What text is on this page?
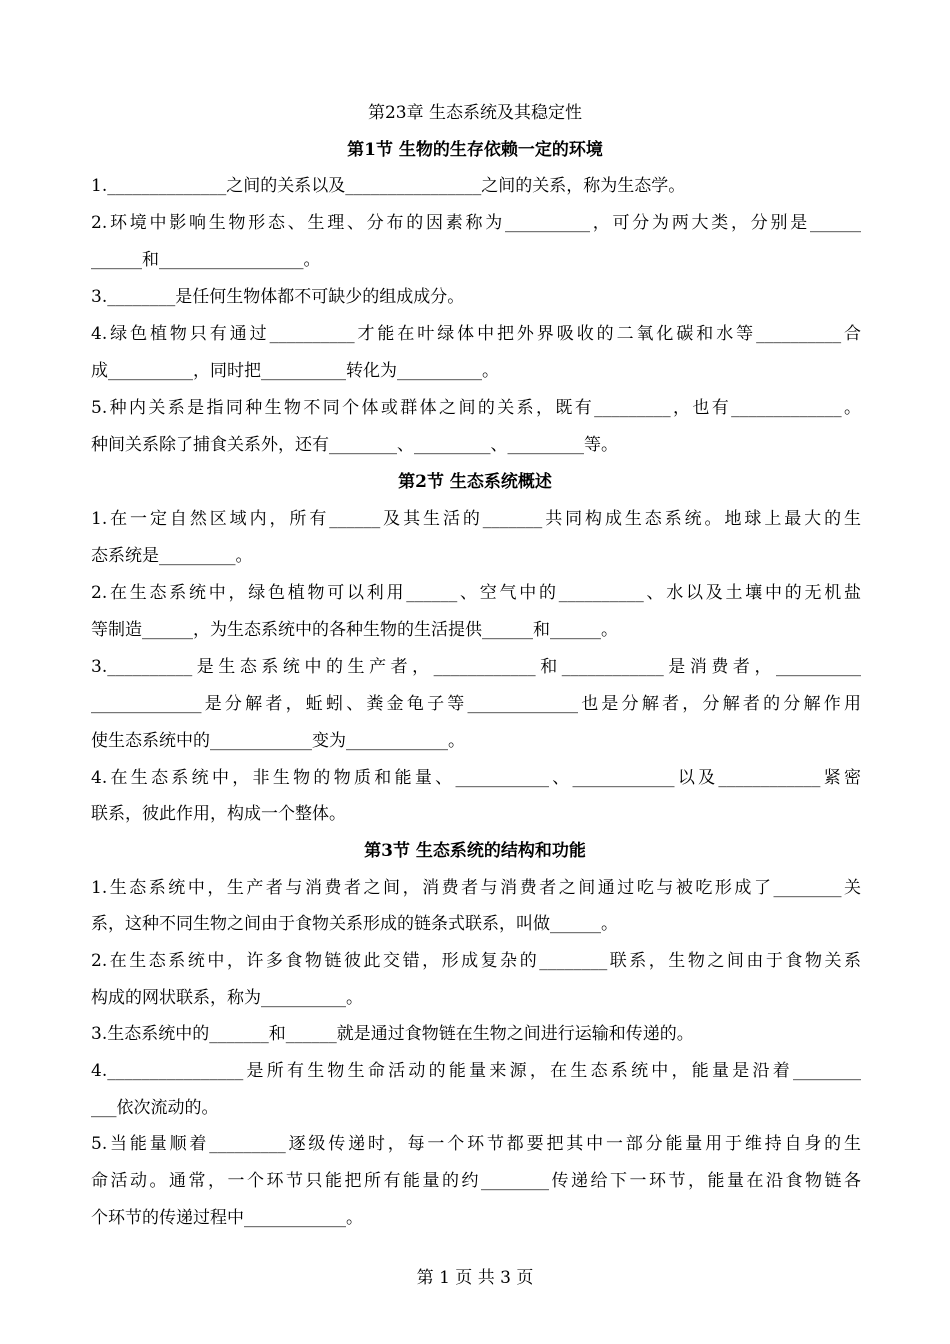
第23章 生态系统及其稳定性
第1节 生物的生存依赖一定的环境
1.______________之间的关系以及________________之间的关系，称为生态学。
2.环境中影响生物形态、生理、分布的因素称为__________，可分为两大类，分别是______
______和_________________。
3.________是任何生物体都不可缺少的组成成分。
4.绿色植物只有通过__________才能在叶绿体中把外界吸收的二氧化碳和水等__________合
成__________，同时把__________转化为__________。
5.种内关系是指同种生物不同个体或群体之间的关系，既有_________，也有_____________。
种间关系除了捕食关系外，还有________、_________、_________等。
第2节 生态系统概述
1.在一定自然区域内，所有______及其生活的_______共同构成生态系统。地球上最大的生
态系统是_________。
2.在生态系统中，绿色植物可以利用______、空气中的__________、水以及土壤中的无机盐
等制造______，为生态系统中的各种生物的生活提供______和______。
3.__________是生态系统中的生产者，____________和____________是消费者，__________
_____________是分解者，蚯蚓、粪金龟子等_____________也是分解者，分解者的分解作用
使生态系统中的____________变为____________。
4.在生态系统中，非生物的物质和能量、___________、____________以及____________紧密
联系，彼此作用，构成一个整体。
第3节 生态系统的结构和功能
1.生态系统中，生产者与消费者之间，消费者与消费者之间通过吃与被吃形成了________关
系，这种不同生物之间由于食物关系形成的链条式联系，叫做______。
2.在生态系统中，许多食物链彼此交错，形成复杂的________联系，生物之间由于食物关系
构成的网状联系，称为__________。
3.生态系统中的_______和______就是通过食物链在生物之间进行运输和传递的。
4.________________是所有生物生命活动的能量来源，在生态系统中，能量是沿着________
___依次流动的。
5.当能量顺着_________逐级传递时，每一个环节都要把其中一部分能量用于维持自身的生
命活动。通常，一个环节只能把所有能量的约________传递给下一环节，能量在沿食物链各
个环节的传递过程中____________。
第 1 页 共 3 页
